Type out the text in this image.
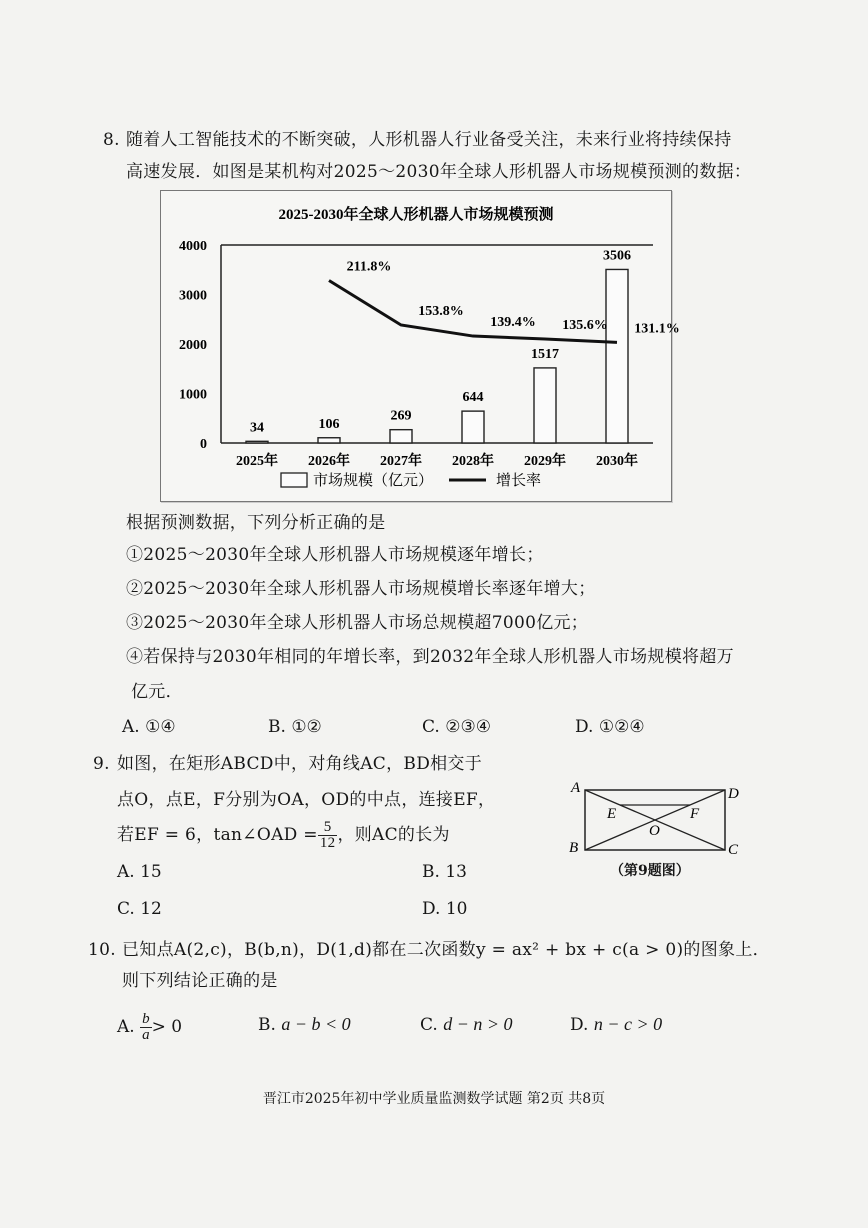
8. 随着人工智能技术的不断突破，人形机器人行业备受关注，未来行业将持续保持
高速发展．如图是某机构对2025～2030年全球人形机器人市场规模预测的数据：
2025-2030年全球人形机器人市场规模预测
0
1000
2000
3000
4000
34
2025年
106
2026年
269
2027年
644
2028年
1517
2029年
3506
2030年
211.8%
153.8%
139.4% 135.6% 131.1%
市场规模（亿元）	增长率
根据预测数据，下列分析正确的是
①2025～2030年全球人形机器人市场规模逐年增长；
②2025～2030年全球人形机器人市场规模增长率逐年增大；
③2025～2030年全球人形机器人市场总规模超7000亿元；
④若保持与2030年相同的年增长率，到2032年全球人形机器人市场规模将超万
亿元．
A. ①④	B. ①②	C. ②③④	D. ①②④
9. 如图，在矩形ABCD中，对角线AC，BD相交于
点O，点E，F分别为OA，OD的中点，连接EF，
若EF = 6，tan∠OAD = $\frac{5}{12}$ ，则AC的长为
A	D
B	C
E	F
O
（第9题图）
A. 15	B. 13
C. 12	D. 10
10. 已知点A(2,c)，B(b,n)，D(1,d)都在二次函数y = ax² + bx + c(a > 0)的图象上．
则下列结论正确的是
A. $\frac{b}{a} > 0$	B. a − b < 0	C. d − n > 0	D. n − c > 0
晋江市2025年初中学业质量监测数学试题 第2页 共8页
